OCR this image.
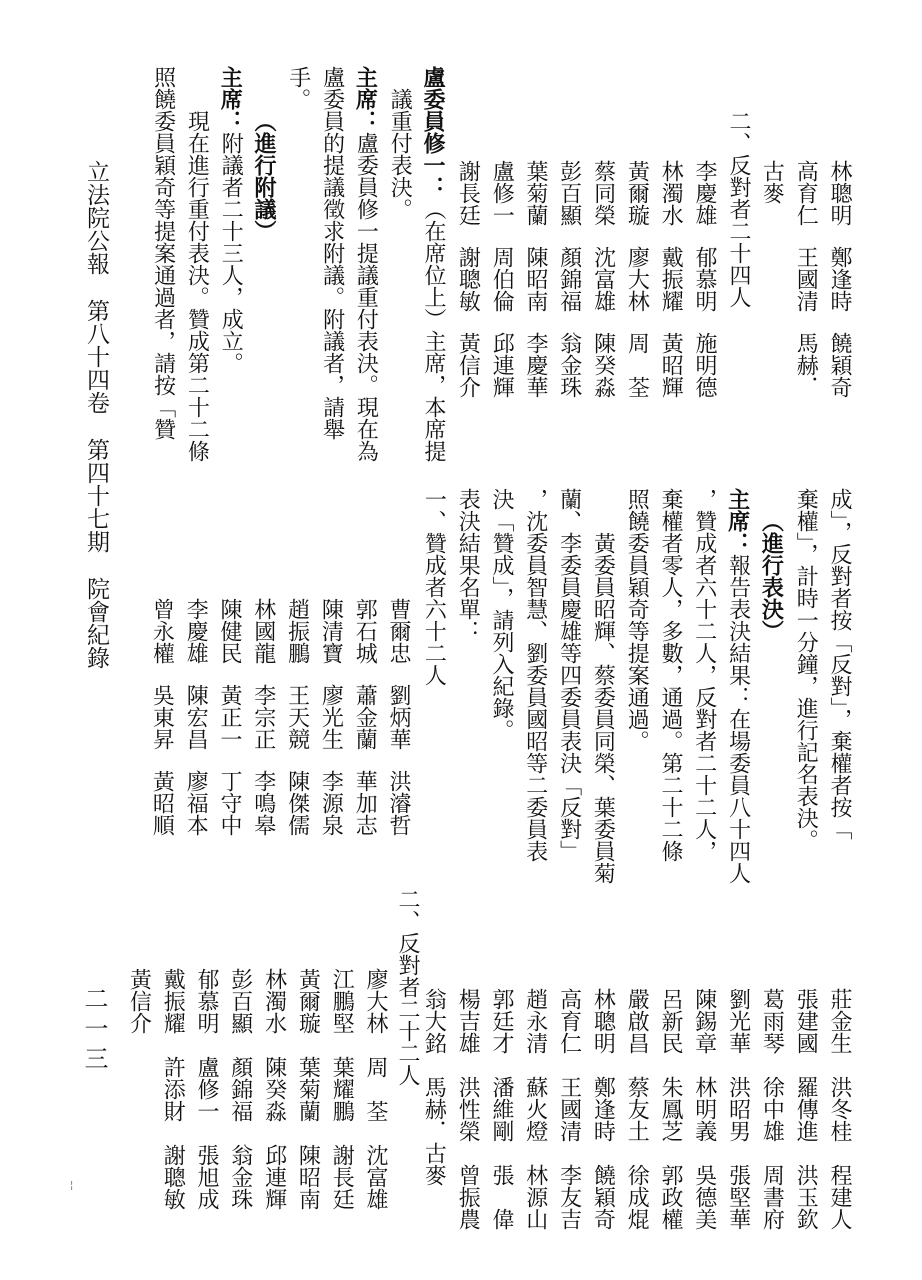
莊金生洪冬桂程建人
張建國羅傳進洪玉欽
葛雨琴徐中雄周書府
劉光華洪昭男張堅華
陳錫章林明義吳德美
呂新民朱鳳芝郭政權
嚴啟昌蔡友土徐成焜
林聰明鄭逢時饒穎奇
高育仁王國清李友吉
趙永清蘇火燈林源山
郭廷才潘維剛張　偉
楊吉雄洪性榮曾振農
翁大銘馬赫．古麥
二、反對者二十二人
廖大林周　荃沈富雄
江鵬堅葉耀鵬謝長廷
黃爾璇葉菊蘭陳昭南
林濁水陳癸淼邱連輝
彭百顯顏錦福翁金珠
郁慕明盧修一張旭成
戴振耀許添財謝聰敏
黃信介
成」，反對者按「反對」，棄權者按「
棄權」，計時一分鐘，進行記名表決。
（進行表決）
主席：報告表決結果：在場委員八十四人
，贊成者六十二人，反對者二十二人，
棄權者零人，多數，通過。第二十二條
照饒委員穎奇等提案通過。
黃委員昭輝、蔡委員同榮、葉委員菊
蘭、李委員慶雄等四委員表決「反對」
，沈委員智慧、劉委員國昭等二委員表
決「贊成」，請列入紀錄。
表決結果名單：
一、贊成者六十二人
曹爾忠劉炳華洪濬哲
郭石城蕭金蘭華加志
陳清寶廖光生李源泉
趙振鵬王天競陳傑儒
林國龍李宗正李鳴皋
陳健民黃正一丁守中
李慶雄陳宏昌廖福本
曾永權吳東昇黃昭順
林聰明鄭逢時饒穎奇
高育仁王國清馬赫．
古麥
二、反對者二十四人
李慶雄郁慕明施明德
林濁水戴振耀黃昭輝
黃爾璇廖大林周　荃
蔡同榮沈富雄陳癸淼
彭百顯顏錦福翁金珠
葉菊蘭陳昭南李慶華
盧修一周伯倫邱連輝
謝長廷謝聰敏黃信介
盧委員修一：（在席位上）主席，本席提
議重付表決。
主席：盧委員修一提議重付表決。現在為
盧委員的提議徵求附議。附議者，請舉
手。
（進行附議）
主席：附議者二十三人，成立。
現在進行重付表決。贊成第二十二條
照饒委員穎奇等提案通過者，請按「贊
二一三
立法院公報第八十四卷第四十七期院會紀錄
¦
